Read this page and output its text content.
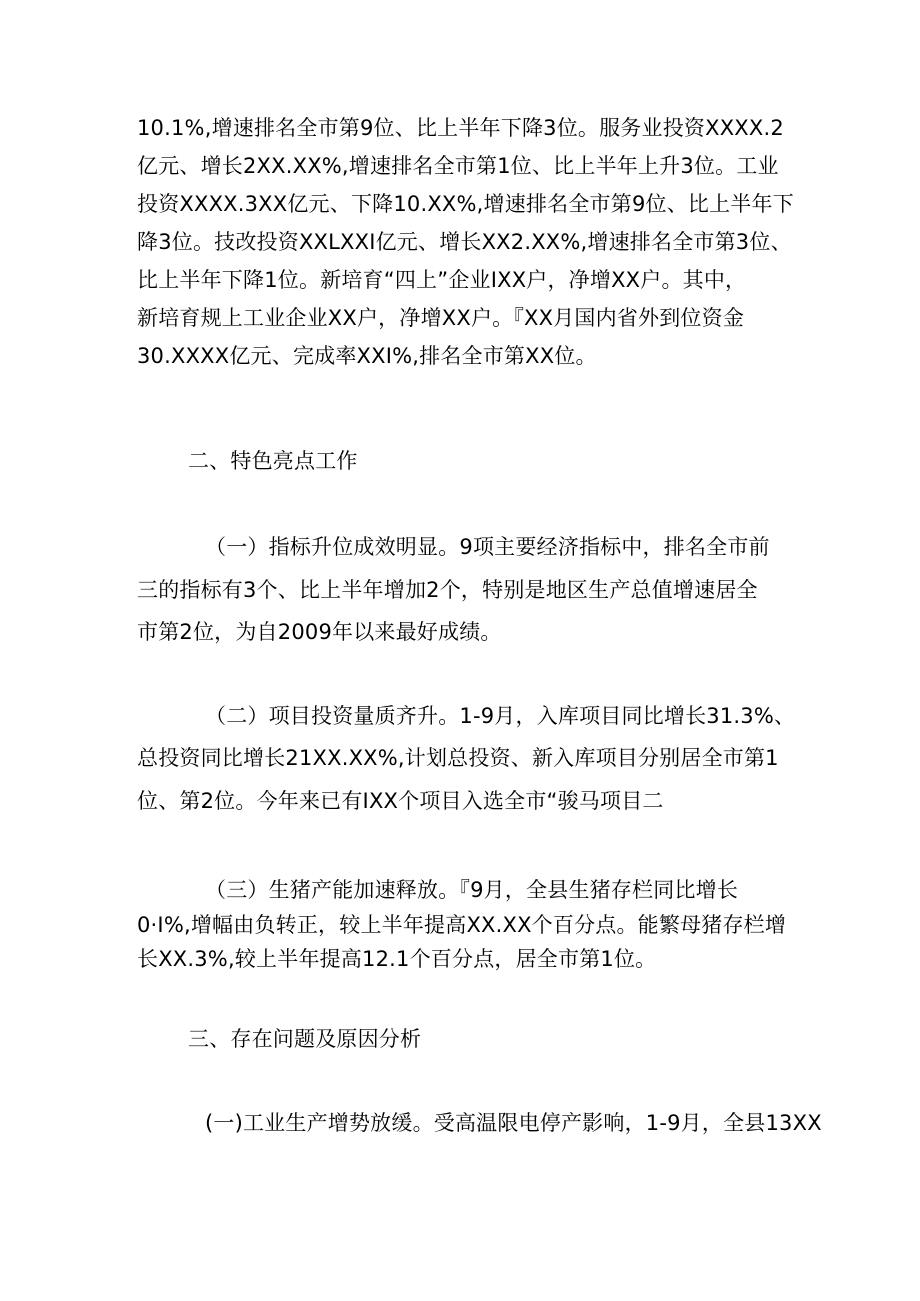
10.1%,增速排名全市第9位、比上半年下降3位。服务业投资XXXX.2
亿元、增长2XX.XX%,增速排名全市第1位、比上半年上升3位。工业
投资XXXX.3XX亿元、下降10.XX%,增速排名全市第9位、比上半年下
降3位。技改投资XXLXXI亿元、增长XX2.XX%,增速排名全市第3位、
比上半年下降1位。新培育“四上”企业IXX户，净增XX户。其中，
新培育规上工业企业XX户，净增XX户。『XX月国内省外到位资金
30.XXXX亿元、完成率XXI%,排名全市第XX位。
二、特色亮点工作
（一）指标升位成效明显。9项主要经济指标中，排名全市前
三的指标有3个、比上半年增加2个，特别是地区生产总值增速居全
市第2位，为自2009年以来最好成绩。
（二）项目投资量质齐升。1-9月，入库项目同比增长31.3%、
总投资同比增长21XX.XX%,计划总投资、新入库项目分别居全市第1
位、第2位。今年来已有IXX个项目入选全市“骏马项目二
（三）生猪产能加速释放。『9月，全县生猪存栏同比增长
0·I%,增幅由负转正，较上半年提高XX.XX个百分点。能繁母猪存栏增
长XX.3%,较上半年提高12.1个百分点，居全市第1位。
三、存在问题及原因分析
(一)工业生产增势放缓。受高温限电停产影响，1-9月，全县13XX
